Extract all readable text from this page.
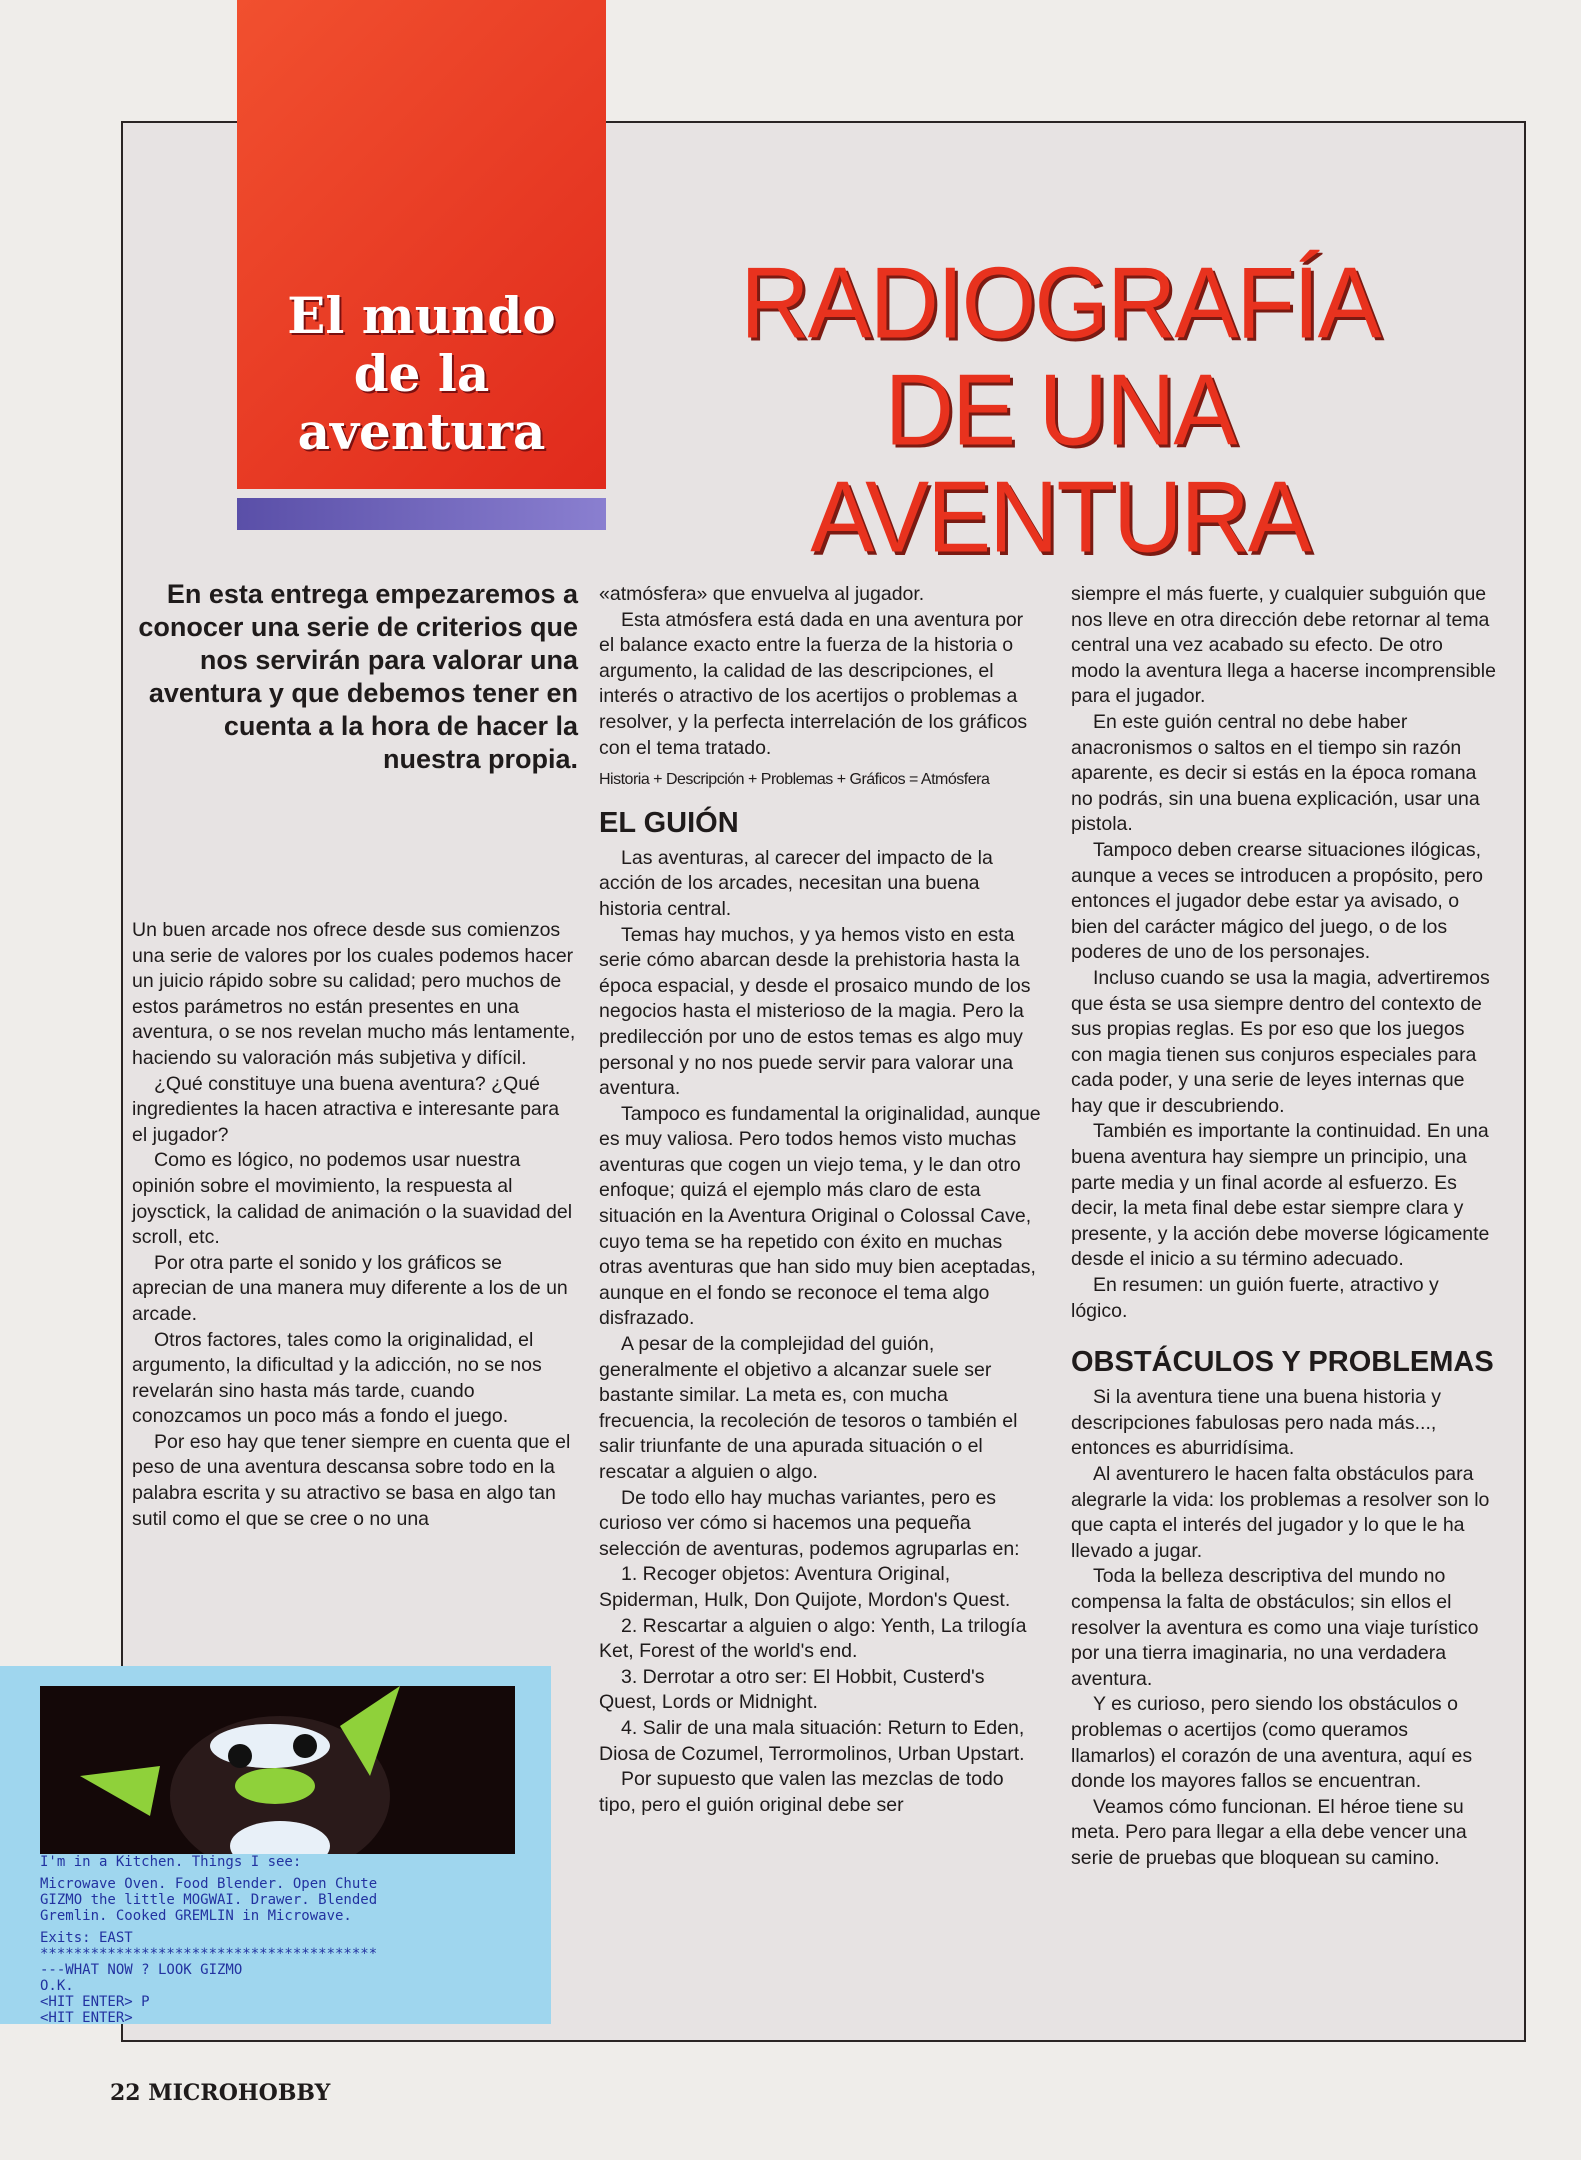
El mundo
de la
aventura
RADIOGRAFÍA
DE UNA AVENTURA
En esta entrega empezaremos a conocer una serie de criterios que nos servirán para valorar una aventura y que debemos tener en cuenta a la hora de hacer la nuestra propia.

Un buen arcade nos ofrece desde sus comienzos una serie de valores por los cuales podemos hacer un juicio rápido sobre su calidad; pero muchos de estos parámetros no están presentes en una aventura, o se nos revelan mucho más lentamente, haciendo su valoración más subjetiva y difícil.

¿Qué constituye una buena aventura? ¿Qué ingredientes la hacen atractiva e interesante para el jugador?

Como es lógico, no podemos usar nuestra opinión sobre el movimiento, la respuesta al joysctick, la calidad de animación o la suavidad del scroll, etc.

Por otra parte el sonido y los gráficos se aprecian de una manera muy diferente a los de un arcade.

Otros factores, tales como la originalidad, el argumento, la dificultad y la adicción, no se nos revelarán sino hasta más tarde, cuando conozcamos un poco más a fondo el juego.

Por eso hay que tener siempre en cuenta que el peso de una aventura descansa sobre todo en la palabra escrita y su atractivo se basa en algo tan sutil como el que se cree o no una

«atmósfera» que envuelva al jugador.

Esta atmósfera está dada en una aventura por el balance exacto entre la fuerza de la historia o argumento, la calidad de las descripciones, el interés o atractivo de los acertijos o problemas a resolver, y la perfecta interrelación de los gráficos con el tema tratado.

Historia + Descripción + Problemas + Gráficos = Atmósfera
EL GUIÓN

Las aventuras, al carecer del impacto de la acción de los arcades, necesitan una buena historia central.

Temas hay muchos, y ya hemos visto en esta serie cómo abarcan desde la prehistoria hasta la época espacial, y desde el prosaico mundo de los negocios hasta el misterioso de la magia. Pero la predilección por uno de estos temas es algo muy personal y no nos puede servir para valorar una aventura.

Tampoco es fundamental la originalidad, aunque es muy valiosa. Pero todos hemos visto muchas aventuras que cogen un viejo tema, y le dan otro enfoque; quizá el ejemplo más claro de esta situación en la Aventura Original o Colossal Cave, cuyo tema se ha repetido con éxito en muchas otras aventuras que han sido muy bien aceptadas, aunque en el fondo se reconoce el tema algo disfrazado.

A pesar de la complejidad del guión, generalmente el objetivo a alcanzar suele ser bastante similar. La meta es, con mucha frecuencia, la recoleción de tesoros o también el salir triunfante de una apurada situación o el rescatar a alguien o algo.

De todo ello hay muchas variantes, pero es curioso ver cómo si hacemos una pequeña selección de aventuras, podemos agruparlas en:

1. Recoger objetos: Aventura Original, Spiderman, Hulk, Don Quijote, Mordon's Quest.

2. Rescartar a alguien o algo: Yenth, La trilogía Ket, Forest of the world's end.

3. Derrotar a otro ser: El Hobbit, Custerd's Quest, Lords or Midnight.

4. Salir de una mala situación: Return to Eden, Diosa de Cozumel, Terrormolinos, Urban Upstart.

Por supuesto que valen las mezclas de todo tipo, pero el guión original debe ser

siempre el más fuerte, y cualquier subguión que nos lleve en otra dirección debe retornar al tema central una vez acabado su efecto. De otro modo la aventura llega a hacerse incomprensible para el jugador.

En este guión central no debe haber anacronismos o saltos en el tiempo sin razón aparente, es decir si estás en la época romana no podrás, sin una buena explicación, usar una pistola.

Tampoco deben crearse situaciones ilógicas, aunque a veces se introducen a propósito, pero entonces el jugador debe estar ya avisado, o bien del carácter mágico del juego, o de los poderes de uno de los personajes.

Incluso cuando se usa la magia, advertiremos que ésta se usa siempre dentro del contexto de sus propias reglas. Es por eso que los juegos con magia tienen sus conjuros especiales para cada poder, y una serie de leyes internas que hay que ir descubriendo.

También es importante la continuidad. En una buena aventura hay siempre un principio, una parte media y un final acorde al esfuerzo. Es decir, la meta final debe estar siempre clara y presente, y la acción debe moverse lógicamente desde el inicio a su término adecuado.

En resumen: un guión fuerte, atractivo y lógico.

OBSTÁCULOS Y PROBLEMAS

Si la aventura tiene una buena historia y descripciones fabulosas pero nada más..., entonces es aburridísima.

Al aventurero le hacen falta obstáculos para alegrarle la vida: los problemas a resolver son lo que capta el interés del jugador y lo que le ha llevado a jugar.

Toda la belleza descriptiva del mundo no compensa la falta de obstáculos; sin ellos el resolver la aventura es como una viaje turístico por una tierra imaginaria, no una verdadera aventura.

Y es curioso, pero siendo los obstáculos o problemas o acertijos (como queramos llamarlos) el corazón de una aventura, aquí es donde los mayores fallos se encuentran.

Veamos cómo funcionan. El héroe tiene su meta. Pero para llegar a ella debe vencer una serie de pruebas que bloquean su camino.

I'm in a Kitchen. Things I see:
Microwave Oven. Food Blender. Open Chute
GIZMO the little MOGWAI. Drawer. Blended
Gremlin. Cooked GREMLIN in Microwave.
Exits: EAST
****************************************
---WHAT NOW ? LOOK GIZMO
O.K.
<HIT ENTER> P
<HIT ENTER>
22 MICROHOBBY
